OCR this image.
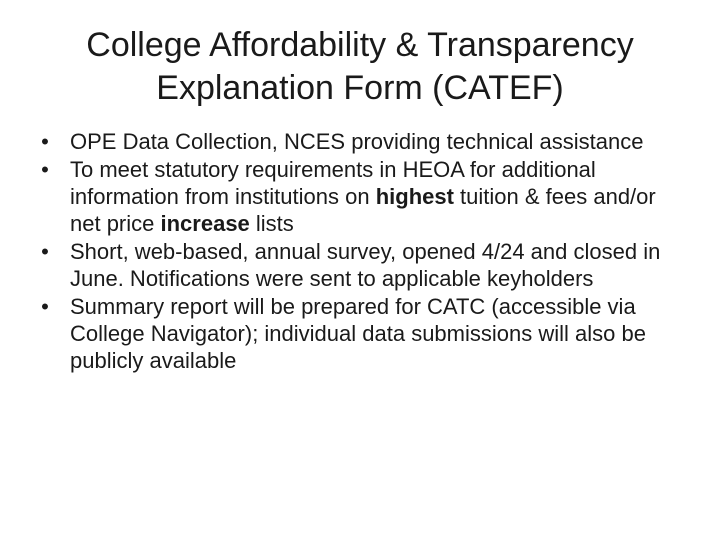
College Affordability & Transparency
Explanation Form (CATEF)
• OPE Data Collection, NCES providing technical assistance
• To meet statutory requirements in HEOA for additional information from institutions on highest tuition & fees and/or net price increase lists
• Short, web-based, annual survey, opened 4/24 and closed in June. Notifications were sent to applicable keyholders
• Summary report will be prepared for CATC (accessible via College Navigator); individual data submissions will also be publicly available
